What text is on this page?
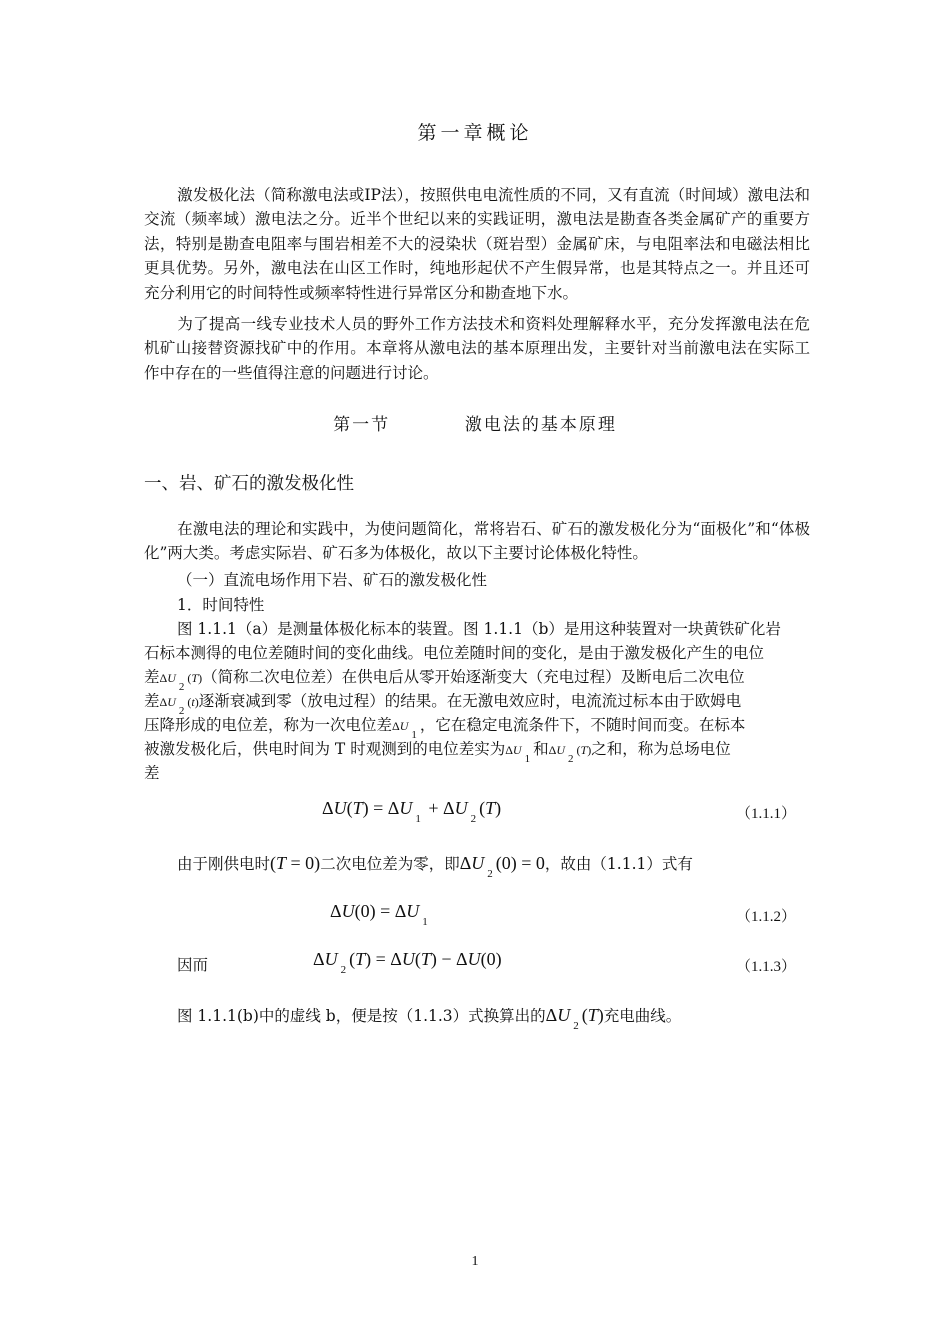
第一章概论
激发极化法（简称激电法或IP法），按照供电电流性质的不同，又有直流（时间域）激电法和交流（频率域）激电法之分。近半个世纪以来的实践证明，激电法是勘查各类金属矿产的重要方法，特别是勘查电阻率与围岩相差不大的浸染状（斑岩型）金属矿床，与电阻率法和电磁法相比更具优势。另外，激电法在山区工作时，纯地形起伏不产生假异常，也是其特点之一。并且还可充分利用它的时间特性或频率特性进行异常区分和勘查地下水。
为了提高一线专业技术人员的野外工作方法技术和资料处理解释水平，充分发挥激电法在危机矿山接替资源找矿中的作用。本章将从激电法的基本原理出发，主要针对当前激电法在实际工作中存在的一些值得注意的问题进行讨论。
第一节	激电法的基本原理
一、岩、矿石的激发极化性
在激电法的理论和实践中，为使问题简化，常将岩石、矿石的激发极化分为“面极化”和“体极化”两大类。考虑实际岩、矿石多为体极化，故以下主要讨论体极化特性。
（一）直流电场作用下岩、矿石的激发极化性
1．时间特性
图 1.1.1（a）是测量体极化标本的装置。图 1.1.1（b）是用这种装置对一块黄铁矿化岩
石标本测得的电位差随时间的变化曲线。电位差随时间的变化，是由于激发极化产生的电位
差ΔU2(T)（简称二次电位差）在供电后从零开始逐渐变大（充电过程）及断电后二次电位
差ΔU2(t)逐渐衰减到零（放电过程）的结果。在无激电效应时，电流流过标本由于欧姆电
压降形成的电位差，称为一次电位差ΔU1，它在稳定电流条件下，不随时间而变。在标本
被激发极化后，供电时间为 T 时观测到的电位差实为ΔU1和ΔU2(T)之和，称为总场电位
差
$\Delta U(T) = \Delta U_1 + \Delta U_2(T)$	（1.1.1）
由于刚供电时(T = 0)二次电位差为零，即$\Delta U_2(0) = 0$，故由（1.1.1）式有
$\Delta U(0) = \Delta U_1$	（1.1.2）
因而	$\Delta U_2(T) = \Delta U(T) - \Delta U(0)$	（1.1.3）
图 1.1.1(b)中的虚线 b，便是按（1.1.3）式换算出的$\Delta U_2(T)$充电曲线。
1
